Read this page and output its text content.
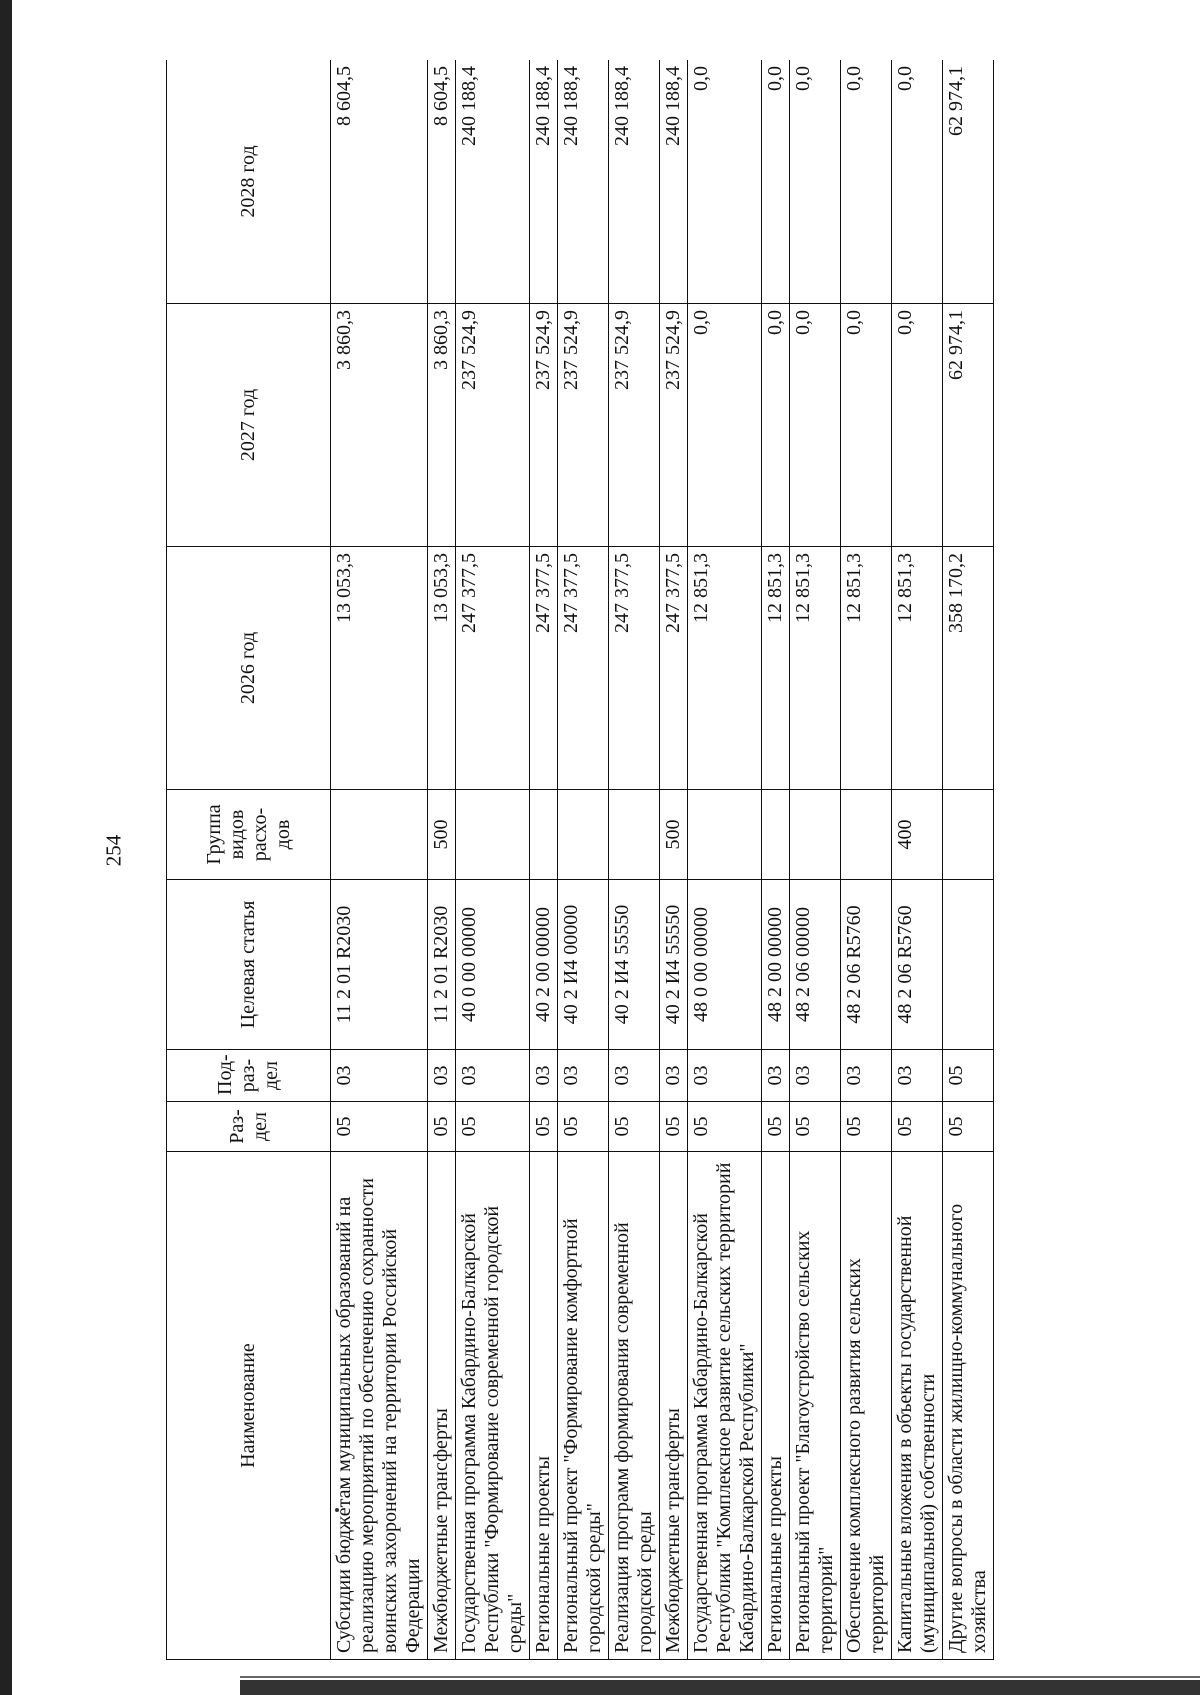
254
Наименование	Раз-дел	Под-раз-дел	Целевая статья	Группа видов расхо-дов	2026 год	2027 год	2028 год
Субсидии бюджетам муниципальных образований на реализацию мероприятий по обеспечению сохранности воинских захоронений на территории Российской Федерации	05	03	11 2 01 R2030		13 053,3	3 860,3	8 604,5
Межбюджетные трансферты	05	03	11 2 01 R2030	500	13 053,3	3 860,3	8 604,5
Государственная программа Кабардино-Балкарской Республики "Формирование современной городской среды"	05	03	40 0 00 00000		247 377,5	237 524,9	240 188,4
Региональные проекты	05	03	40 2 00 00000		247 377,5	237 524,9	240 188,4
Региональный проект "Формирование комфортной городской среды"	05	03	40 2 И4 00000		247 377,5	237 524,9	240 188,4
Реализация программ формирования современной городской среды	05	03	40 2 И4 55550		247 377,5	237 524,9	240 188,4
Межбюджетные трансферты	05	03	40 2 И4 55550	500	247 377,5	237 524,9	240 188,4
Государственная программа Кабардино-Балкарской Республики "Комплексное развитие сельских территорий Кабардино-Балкарской Республики"	05	03	48 0 00 00000		12 851,3	0,0	0,0
Региональные проекты	05	03	48 2 00 00000		12 851,3	0,0	0,0
Региональный проект "Благоустройство сельских территорий"	05	03	48 2 06 00000		12 851,3	0,0	0,0
Обеспечение комплексного развития сельских территорий	05	03	48 2 06 R5760		12 851,3	0,0	0,0
Капитальные вложения в объекты государственной (муниципальной) собственности	05	03	48 2 06 R5760	400	12 851,3	0,0	0,0
Другие вопросы в области жилищно-коммунального хозяйства	05	05			358 170,2	62 974,1	62 974,1
